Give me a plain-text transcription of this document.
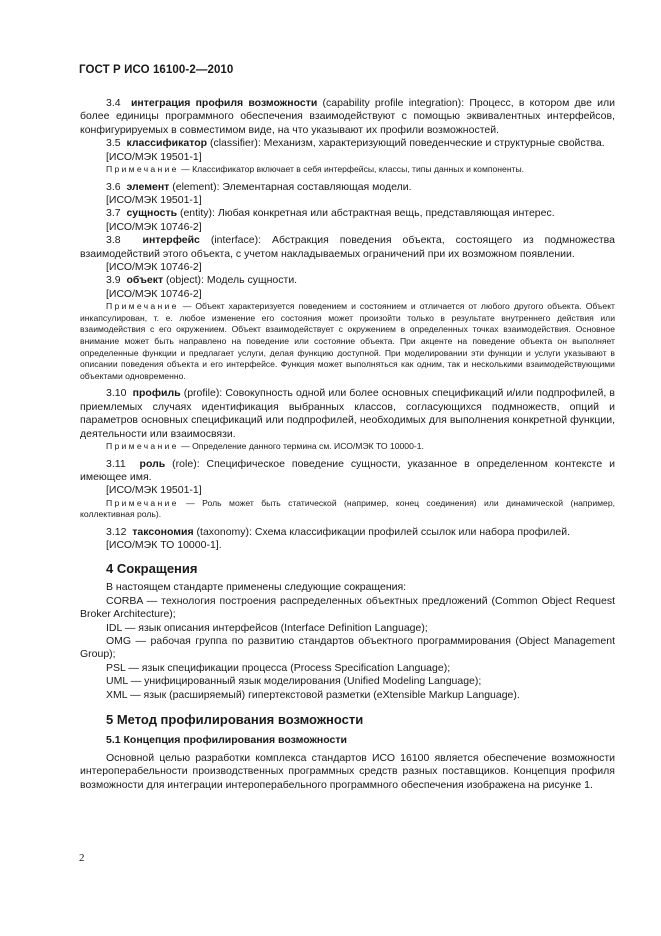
ГОСТ Р ИСО 16100-2—2010

3.4 интеграция профиля возможности (capability profile integration): Процесс, в котором две или более единицы программного обеспечения взаимодействуют с помощью эквивалентных интерфейсов, конфигурируемых в совместимом виде, на что указывают их профили возможностей.

3.5 классификатор (classifier): Механизм, характеризующий поведенческие и структурные свойства.

[ИСО/МЭК 19501-1]

Примечание — Классификатор включает в себя интерфейсы, классы, типы данных и компоненты.

3.6 элемент (element): Элементарная составляющая модели.

[ИСО/МЭК 19501-1]

3.7 сущность (entity): Любая конкретная или абстрактная вещь, представляющая интерес.

[ИСО/МЭК 10746-2]

3.8 интерфейс (interface): Абстракция поведения объекта, состоящего из подмножества взаимодействий этого объекта, с учетом накладываемых ограничений при их возможном появлении.

[ИСО/МЭК 10746-2]

3.9 объект (object): Модель сущности.

[ИСО/МЭК 10746-2]

Примечание — Объект характеризуется поведением и состоянием и отличается от любого другого объекта. Объект инкапсулирован, т. е. любое изменение его состояния может произойти только в результате внутреннего действия или взаимодействия с его окружением. Объект взаимодействует с окружением в определенных точках взаимодействия. Основное внимание может быть направлено на поведение или состояние объекта. При акценте на поведение объекта он выполняет определенные функции и предлагает услуги, делая функцию доступной. При моделировании эти функции и услуги указывают в описании поведения объекта и его интерфейсе. Функция может выполняться как одним, так и несколькими взаимодействующими объектами одновременно.

3.10 профиль (profile): Совокупность одной или более основных спецификаций и/или подпрофилей, в приемлемых случаях идентификация выбранных классов, согласующихся подмножеств, опций и параметров основных спецификаций или подпрофилей, необходимых для выполнения конкретной функции, деятельности или взаимосвязи.

Примечание — Определение данного термина см. ИСО/МЭК ТО 10000-1.

3.11 роль (role): Специфическое поведение сущности, указанное в определенном контексте и имеющее имя.

[ИСО/МЭК 19501-1]

Примечание — Роль может быть статической (например, конец соединения) или динамической (например, коллективная роль).

3.12 таксономия (taxonomy): Схема классификации профилей ссылок или набора профилей.

[ИСО/МЭК ТО 10000-1].

4 Сокращения

В настоящем стандарте применены следующие сокращения:

CORBA — технология построения распределенных объектных предложений (Common Object Request Broker Architecture);

IDL — язык описания интерфейсов (Interface Definition Language);

OMG — рабочая группа по развитию стандартов объектного программирования (Object Management Group);

PSL — язык спецификации процесса (Process Specification Language);

UML — унифицированный язык моделирования (Unified Modeling Language);

XML — язык (расширяемый) гипертекстовой разметки (eXtensible Markup Language).

5 Метод профилирования возможности

5.1 Концепция профилирования возможности

Основной целью разработки комплекса стандартов ИСО 16100 является обеспечение возможности интероперабельности производственных программных средств разных поставщиков. Концепция профиля возможности для интеграции интероперабельного программного обеспечения изображена на рисунке 1.

2
